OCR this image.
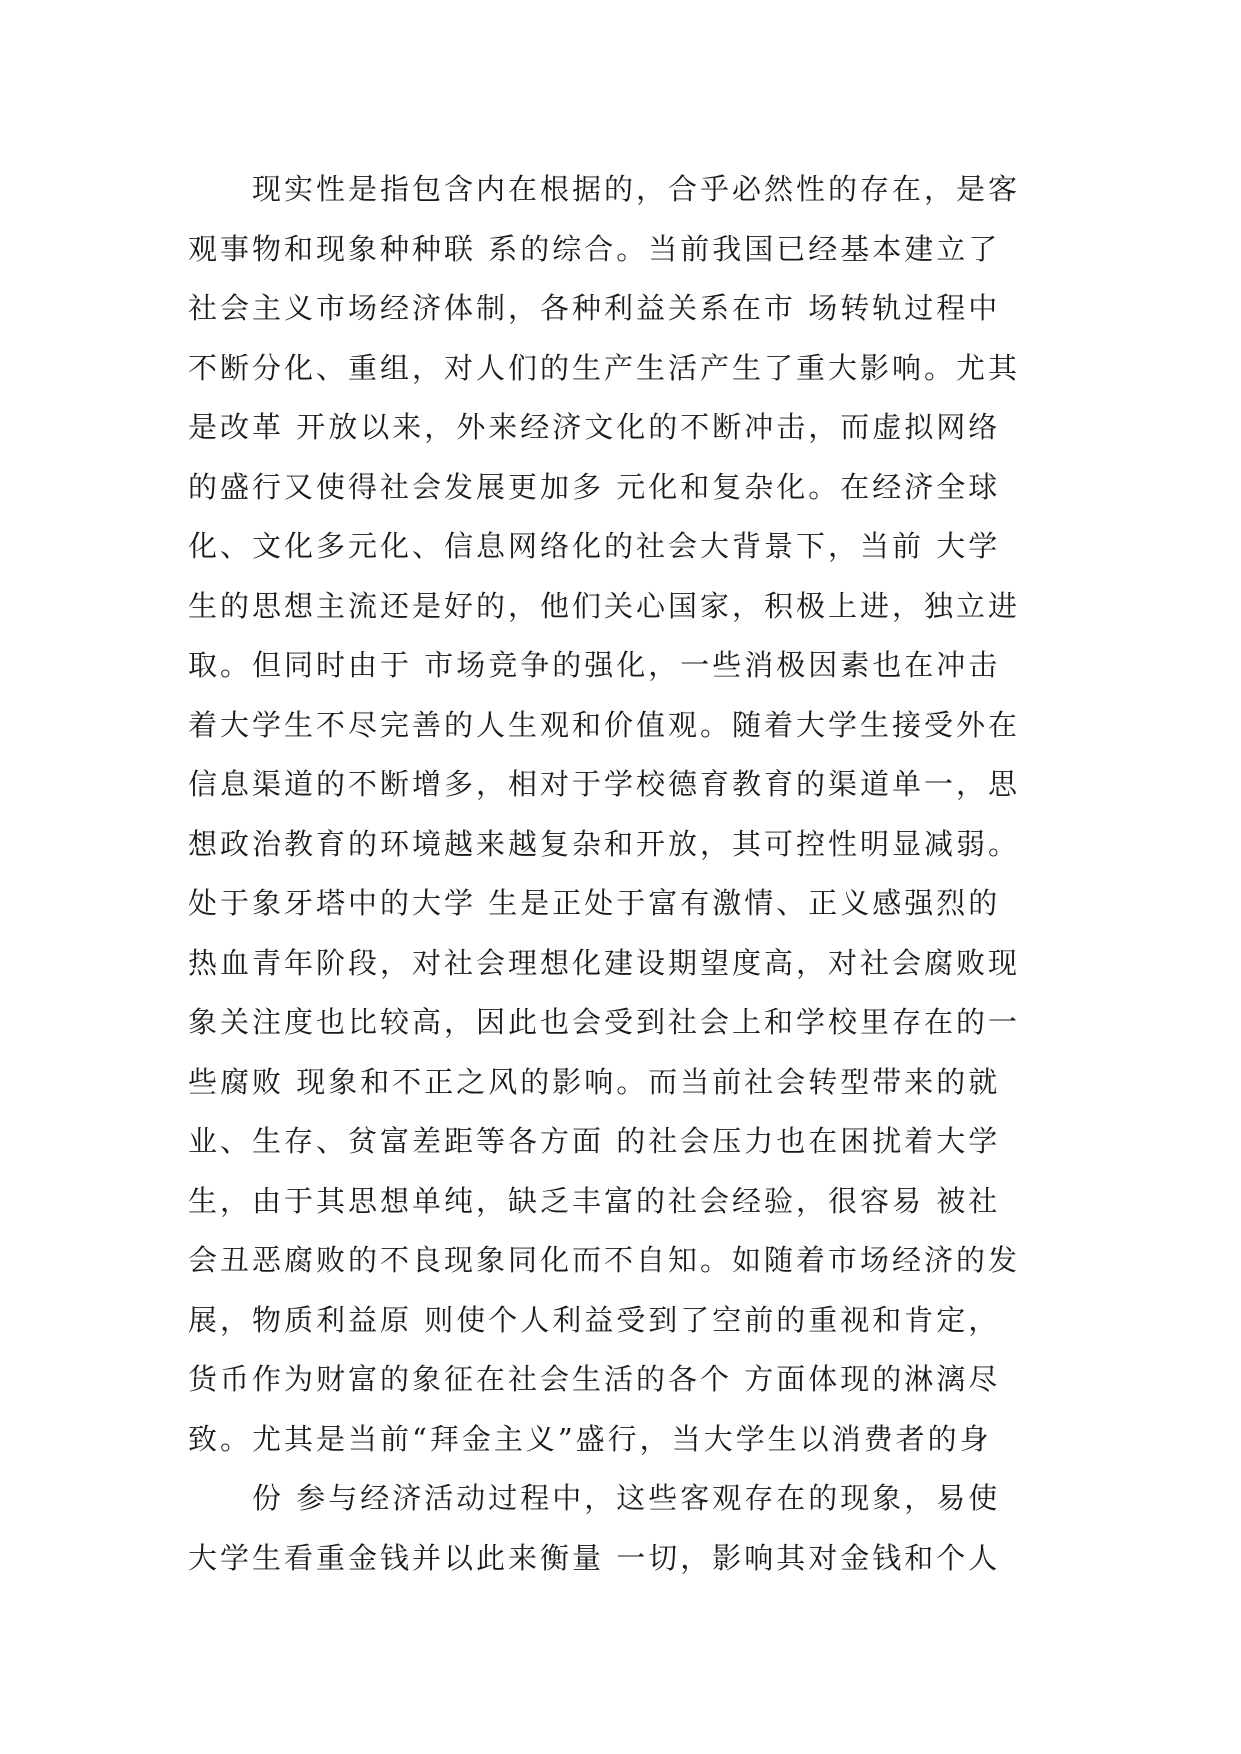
现实性是指包含内在根据的，合乎必然性的存在，是客
观事物和现象种种联 系的综合。当前我国已经基本建立了
社会主义市场经济体制，各种利益关系在市 场转轨过程中
不断分化、重组，对人们的生产生活产生了重大影响。尤其
是改革 开放以来，外来经济文化的不断冲击，而虚拟网络
的盛行又使得社会发展更加多 元化和复杂化。在经济全球
化、文化多元化、信息网络化的社会大背景下，当前 大学
生的思想主流还是好的，他们关心国家，积极上进，独立进
取。但同时由于 市场竞争的强化，一些消极因素也在冲击
着大学生不尽完善的人生观和价值观。随着大学生接受外在
信息渠道的不断增多，相对于学校德育教育的渠道单一，思
想政治教育的环境越来越复杂和开放，其可控性明显减弱。
处于象牙塔中的大学 生是正处于富有激情、正义感强烈的
热血青年阶段，对社会理想化建设期望度高，对社会腐败现
象关注度也比较高，因此也会受到社会上和学校里存在的一
些腐败 现象和不正之风的影响。而当前社会转型带来的就
业、生存、贫富差距等各方面 的社会压力也在困扰着大学
生，由于其思想单纯，缺乏丰富的社会经验，很容易 被社
会丑恶腐败的不良现象同化而不自知。如随着市场经济的发
展，物质利益原 则使个人利益受到了空前的重视和肯定，
货币作为财富的象征在社会生活的各个 方面体现的淋漓尽
致。尤其是当前“拜金主义”盛行，当大学生以消费者的身
份 参与经济活动过程中，这些客观存在的现象，易使
大学生看重金钱并以此来衡量 一切，影响其对金钱和个人
